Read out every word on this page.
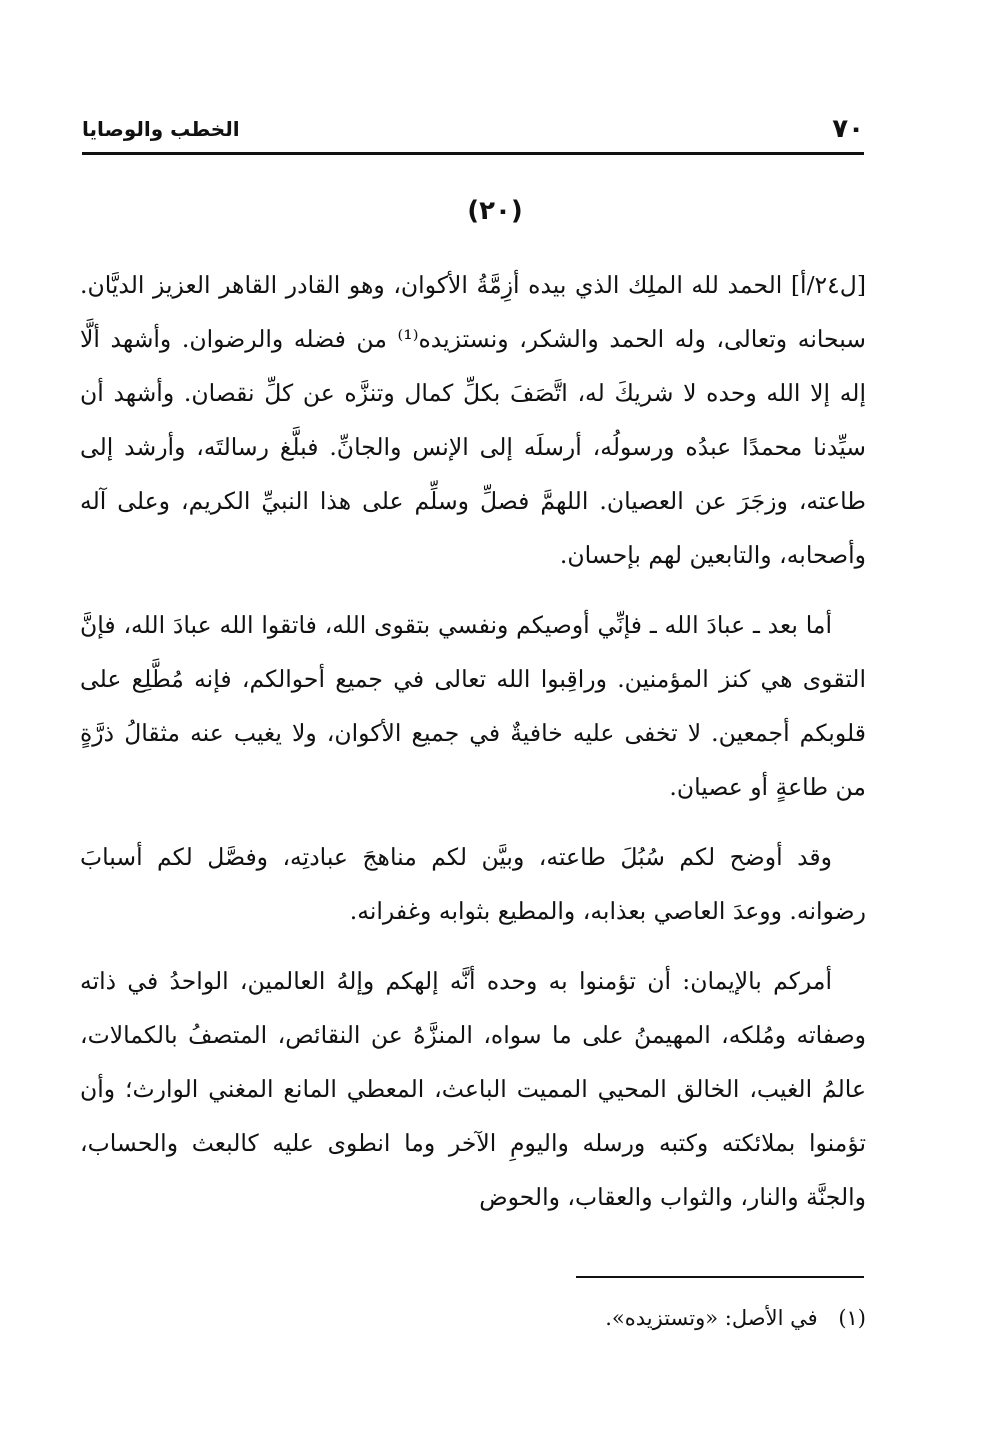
٧٠
الخطب والوصايا
(٢٠)

[ل٢٤/أ] الحمد لله الملِك الذي بيده أزِمَّةُ الأكوان، وهو القادر القاهر العزيز الديَّان. سبحانه وتعالى، وله الحمد والشكر، ونستزيده⁽¹⁾ من فضله والرضوان. وأشهد ألَّا إله إلا الله وحده لا شريكَ له، اتَّصَفَ بكلِّ كمال وتنزَّه عن كلِّ نقصان. وأشهد أن سيِّدنا محمدًا عبدُه ورسولُه، أرسلَه إلى الإنس والجانِّ. فبلَّغ رسالتَه، وأرشد إلى طاعته، وزجَرَ عن العصيان. اللهمَّ فصلِّ وسلِّم على هذا النبيِّ الكريم، وعلى آله وأصحابه، والتابعين لهم بإحسان.

أما بعد ـ عبادَ الله ـ فإنِّي أوصيكم ونفسي بتقوى الله، فاتقوا الله عبادَ الله، فإنَّ التقوى هي كنز المؤمنين. وراقِبوا الله تعالى في جميع أحوالكم، فإنه مُطَّلِع على قلوبكم أجمعين. لا تخفى عليه خافيةٌ في جميع الأكوان، ولا يغيب عنه مثقالُ ذرَّةٍ من طاعةٍ أو عصيان.

وقد أوضح لكم سُبُلَ طاعته، وبيَّن لكم مناهجَ عبادتِه، وفصَّل لكم أسبابَ رضوانه. ووعدَ العاصي بعذابه، والمطيع بثوابه وغفرانه.

أمركم بالإيمان: أن تؤمنوا به وحده أنَّه إلهكم وإلهُ العالمين، الواحدُ في ذاته وصفاته ومُلكه، المهيمنُ على ما سواه، المنزَّهُ عن النقائص، المتصفُ بالكمالات، عالمُ الغيب، الخالق المحيي المميت الباعث، المعطي المانع المغني الوارث؛ وأن تؤمنوا بملائكته وكتبه ورسله واليومِ الآخر وما انطوى عليه كالبعث والحساب، والجنَّة والنار، والثواب والعقاب، والحوض

(١) في الأصل: «وتستزيده».
